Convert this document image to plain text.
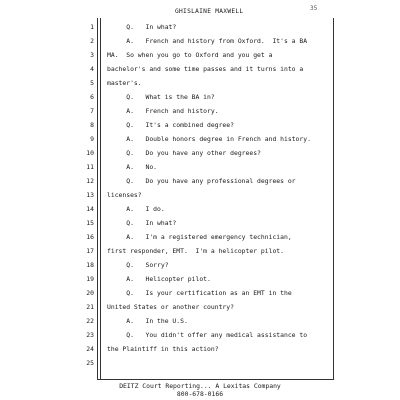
35
GHISLAINE MAXWELL
1 Q.   In what?
2 A.   French and history from Oxford.  It's a BA
3 MA.  So when you go to Oxford and you get a
4 bachelor's and some time passes and it turns into a
5 master's.
6 Q.   What is the BA in?
7 A.   French and history.
8 Q.   It's a combined degree?
9 A.   Double honors degree in French and history.
10 Q.   Do you have any other degrees?
11 A.   No.
12 Q.   Do you have any professional degrees or
13 licenses?
14 A.   I do.
15 Q.   In what?
16 A.   I'm a registered emergency technician,
17 first responder, EMT.  I'm a helicopter pilot.
18 Q.   Sorry?
19 A.   Helicopter pilot.
20 Q.   Is your certification as an EMT in the
21 United States or another country?
22 A.   In the U.S.
23 Q.   You didn't offer any medical assistance to
24 the Plaintiff in this action?
25
DEITZ Court Reporting... A Lexitas Company
800-678-0166
